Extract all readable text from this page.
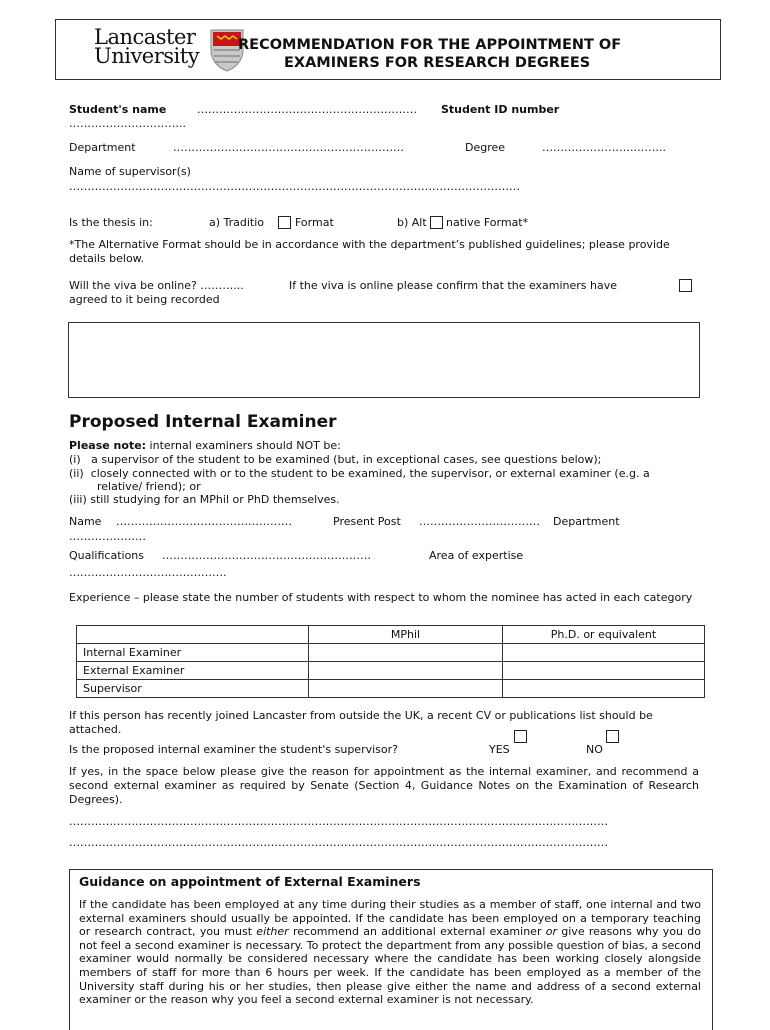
Lancaster
University	RECOMMENDATION FOR THE APPOINTMENT OF
EXAMINERS FOR RESEARCH DEGREES
Student's name	…………………………………………………… Student ID number
…………………………..
Department	………………………………………………………	Degree	……………………..……..
Name of supervisor(s)
……………………………………………………………………………………………………………
Is the thesis in:	a) Traditio	Format	b) Alt native Format*
*The Alternative Format should be in accordance with the department’s published guidelines; please provide details below.
Will the viva be online? ………...	If the viva is online please confirm that the examiners have
agreed to it being recorded
Proposed Internal Examiner
Please note: internal examiners should NOT be:
(i)   a supervisor of the student to be examined (but, in exceptional cases, see questions below);
(ii)  closely connected with or to the student to be examined, the supervisor, or external examiner (e.g. a
relative/ friend); or
(iii) still studying for an MPhil or PhD themselves.
Name …………………………………………	Present Post …………………………… Department
…………………
Qualifications …………………………………………………	Area of expertise
…………………………………….
Experience – please state the number of students with respect to whom the nominee has acted in each category
	MPhil	Ph.D. or equivalent
Internal Examiner		
External Examiner		
Supervisor		
If this person has recently joined Lancaster from outside the UK, a recent CV or publications list should be attached.
Is the proposed internal examiner the student's supervisor?	YES	NO
If yes, in the space below please give the reason for appointment as the internal examiner, and recommend a second external examiner as required by Senate (Section 4, Guidance Notes on the Examination of Research Degrees).
…………………………………………………………………………………………………………………………………
…………………………………………………………………………………………………………………………………
Guidance on appointment of External Examiners
If the candidate has been employed at any time during their studies as a member of staff, one internal and two external examiners should usually be appointed. If the candidate has been employed on a temporary teaching or research contract, you must either recommend an additional external examiner or give reasons why you do not feel a second examiner is necessary. To protect the department from any possible question of bias, a second examiner would normally be considered necessary where the candidate has been working closely alongside members of staff for more than 6 hours per week. If the candidate has been employed as a member of the University staff during his or her studies, then please give either the name and address of a second external examiner or the reason why you feel a second external examiner is not necessary.
